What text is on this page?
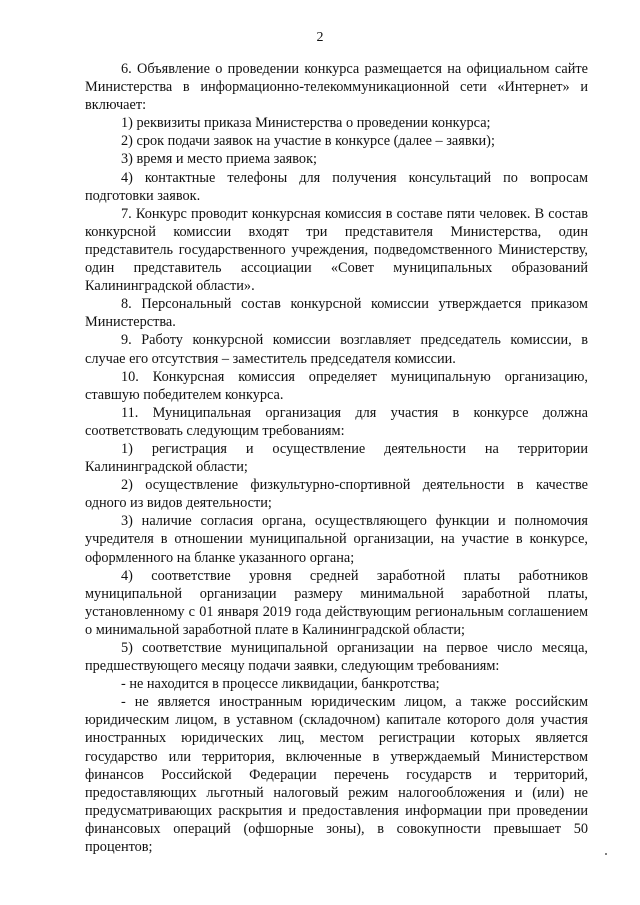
2

6. Объявление о проведении конкурса размещается на официальном сайте Министерства в информационно-телекоммуникационной сети «Интернет» и включает:

1) реквизиты приказа Министерства о проведении конкурса;

2) срок подачи заявок на участие в конкурсе (далее – заявки);

3) время и место приема заявок;

4) контактные телефоны для получения консультаций по вопросам подготовки заявок.

7. Конкурс проводит конкурсная комиссия в составе пяти человек. В состав конкурсной комиссии входят три представителя Министерства, один представитель государственного учреждения, подведомственного Министерству, один представитель ассоциации «Совет муниципальных образований Калининградской области».

8. Персональный состав конкурсной комиссии утверждается приказом Министерства.

9. Работу конкурсной комиссии возглавляет председатель комиссии, в случае его отсутствия – заместитель председателя комиссии.

10. Конкурсная комиссия определяет муниципальную организацию, ставшую победителем конкурса.

11. Муниципальная организация для участия в конкурсе должна соответствовать следующим требованиям:

1) регистрация и осуществление деятельности на территории Калининградской области;

2) осуществление физкультурно-спортивной деятельности в качестве одного из видов деятельности;

3) наличие согласия органа, осуществляющего функции и полномочия учредителя в отношении муниципальной организации, на участие в конкурсе, оформленного на бланке указанного органа;

4) соответствие уровня средней заработной платы работников муниципальной организации размеру минимальной заработной платы, установленному с 01 января 2019 года действующим региональным соглашением о минимальной заработной плате в Калининградской области;

5) соответствие муниципальной организации на первое число месяца, предшествующего месяцу подачи заявки, следующим требованиям:

- не находится в процессе ликвидации, банкротства;

- не является иностранным юридическим лицом, а также российским юридическим лицом, в уставном (складочном) капитале которого доля участия иностранных юридических лиц, местом регистрации которых является государство или территория, включенные в утверждаемый Министерством финансов Российской Федерации перечень государств и территорий, предоставляющих льготный налоговый режим налогообложения и (или) не предусматривающих раскрытия и предоставления информации при проведении финансовых операций (офшорные зоны), в совокупности превышает 50 процентов;
